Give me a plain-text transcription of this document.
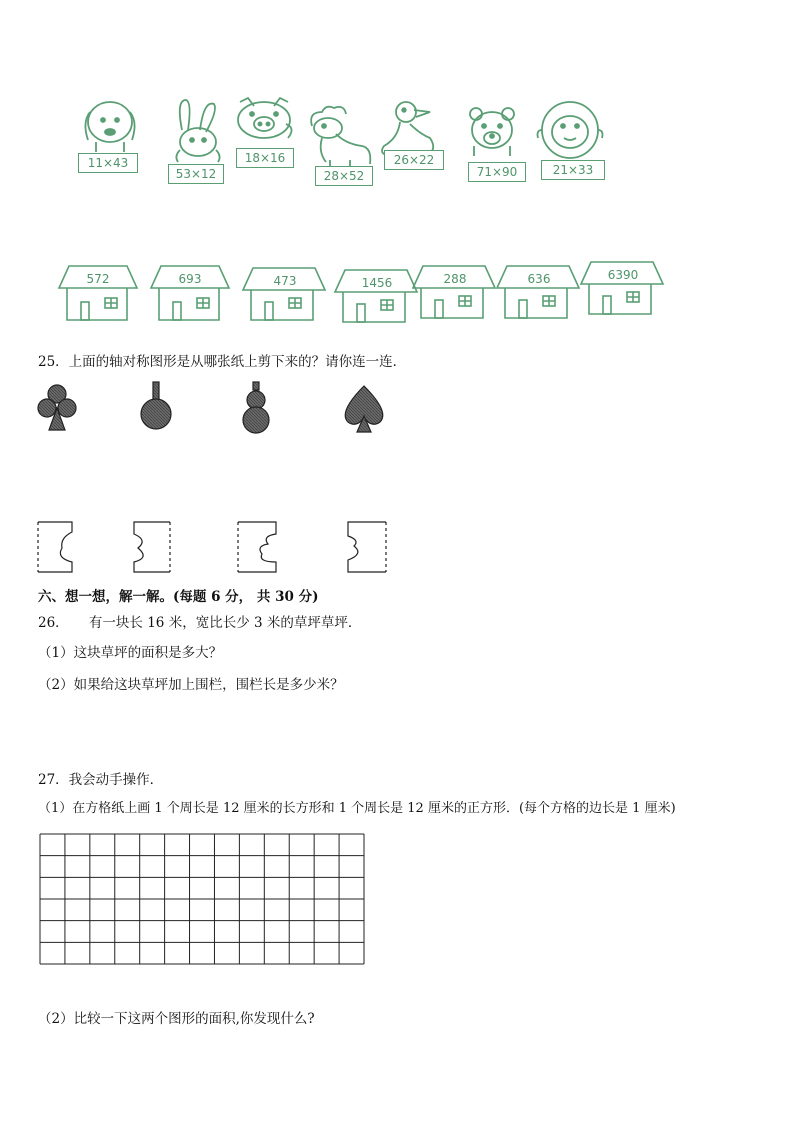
11×43
53×12
18×16
28×52
26×22
71×90	21×33
572	693	473	1456	288	636	6390
25．上面的轴对称图形是从哪张纸上剪下来的？请你连一连．
六、想一想，解一解。(每题 6 分， 共 30 分)
26．　　有一块长 16 米，宽比长少 3 米的草坪草坪．
（1）这块草坪的面积是多大？
（2）如果给这块草坪加上围栏，围栏长是多少米？
27．我会动手操作．
（1）在方格纸上画 1 个周长是 12 厘米的长方形和 1 个周长是 12 厘米的正方形．(每个方格的边长是 1 厘米)
（2）比较一下这两个图形的面积,你发现什么?
